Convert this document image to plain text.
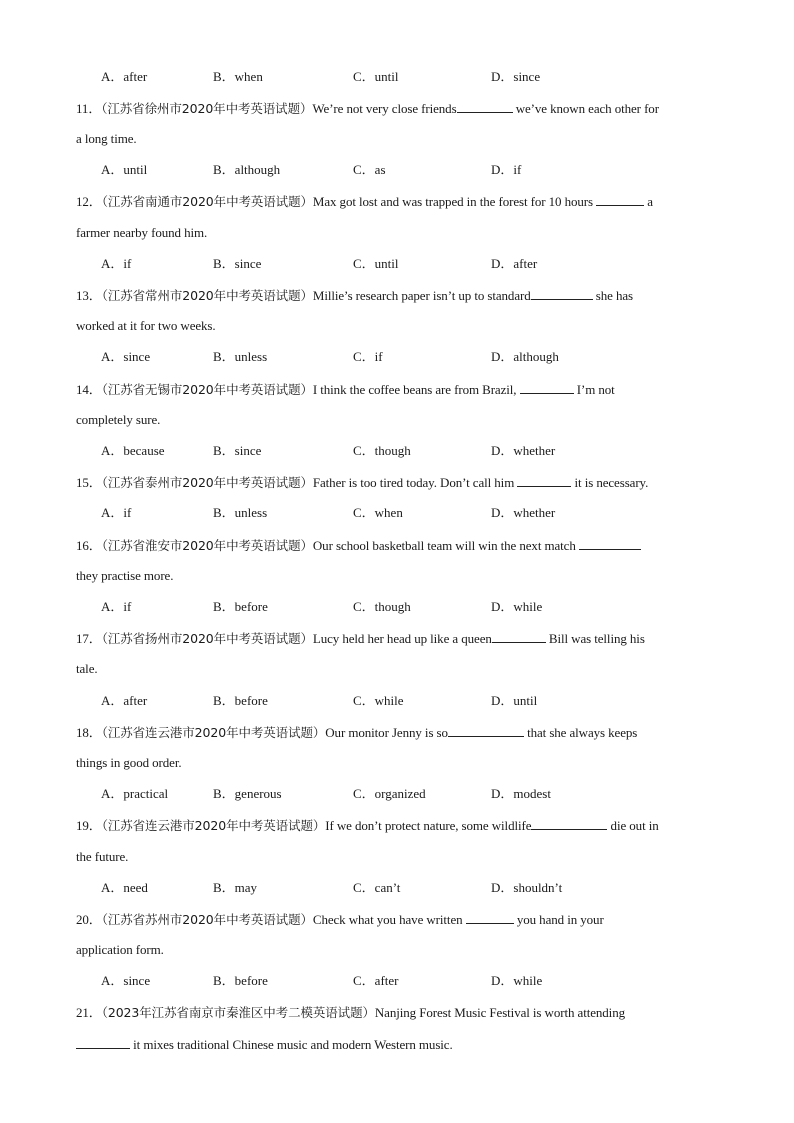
A．after	B．when	C．until	D．since
11．（江苏省徐州市2020年中考英语试题）We’re not very close friends	we’ve known each other for
a long time.
A．until	B．although	C．as	D．if
12．（江苏省南通市2020年中考英语试题）Max got lost and was trapped in the forest for 10 hours	a
farmer nearby found him.
A．if	B．since	C．until	D．after
13．（江苏省常州市2020年中考英语试题）Millie’s research paper isn’t up to standard	she has
worked at it for two weeks.
A．since	B．unless	C．if	D．although
14．（江苏省无锡市2020年中考英语试题）I think the coffee beans are from Brazil,	I’m not
completely sure.
A．because	B．since	C．though	D．whether
15．（江苏省泰州市2020年中考英语试题）Father is too tired today. Don’t call him	it is necessary.
A．if	B．unless	C．when	D．whether
16．（江苏省淮安市2020年中考英语试题）Our school basketball team will win the next match
they practise more.
A．if	B．before	C．though	D．while
17．（江苏省扬州市2020年中考英语试题）Lucy held her head up like a queen	Bill was telling his
tale.
A．after	B．before	C．while	D．until
18．（江苏省连云港市2020年中考英语试题）Our monitor Jenny is so	that she always keeps
things in good order.
A．practical	B．generous	C．organized	D．modest
19．（江苏省连云港市2020年中考英语试题）If we don’t protect nature, some wildlife	die out in
the future.
A．need	B．may	C．can’t	D．shouldn’t
20．（江苏省苏州市2020年中考英语试题）Check what you have written	you hand in your
application form.
A．since	B．before	C．after	D．while
21．（2023年江苏省南京市秦淮区中考二模英语试题）Nanjing Forest Music Festival is worth attending
it mixes traditional Chinese music and modern Western music.
